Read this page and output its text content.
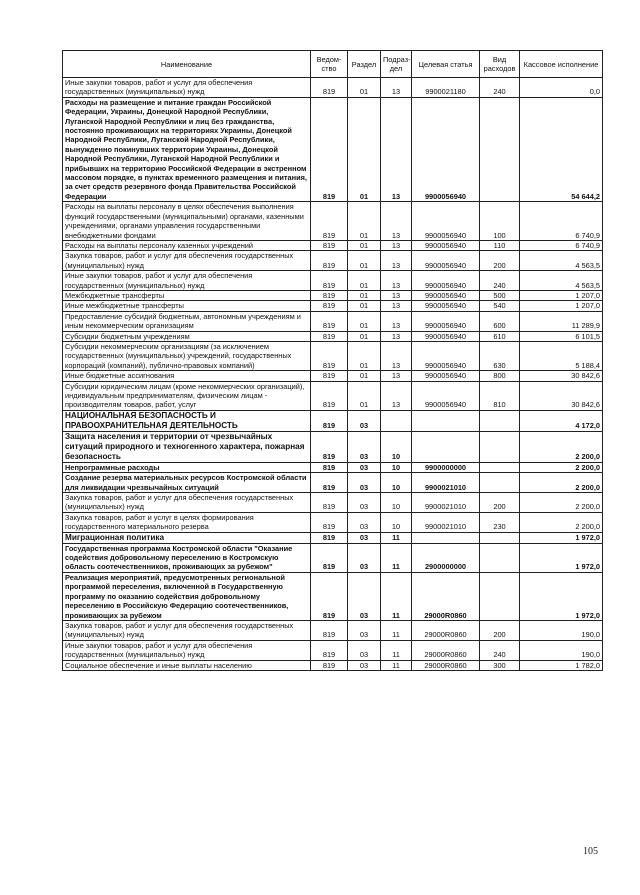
Наименование	Ведом-ство	Раздел	Подраз-дел	Целевая статья	Вид расходов	Кассовое исполнение
Иные закупки товаров, работ и услуг для обеспечения государственных (муниципальных) нужд	819	01	13	9900021180	240	0,0
Расходы на размещение и питание граждан Российской Федерации, Украины, Донецкой Народной Республики, Луганской Народной Республики и лиц без гражданства, постоянно проживающих на территориях Украины, Донецкой Народной Республики, Луганской Народной Республики, вынужденно покинувших территории Украины, Донецкой Народной Республики, Луганской Народной Республики и прибывших на территорию Российской Федерации в экстренном массовом порядке, в пунктах временного размещения и питания, за счет средств резервного фонда Правительства Российской Федерации	819	01	13	9900056940		54 644,2
Расходы на выплаты персоналу в целях обеспечения выполнения функций государственными (муниципальными) органами, казенными учреждениями, органами управления государственными внебюджетными фондами	819	01	13	9900056940	100	6 740,9
Расходы на выплаты персоналу казенных учреждений	819	01	13	9900056940	110	6 740,9
Закупка товаров, работ и услуг для обеспечения государственных (муниципальных) нужд	819	01	13	9900056940	200	4 563,5
Иные закупки товаров, работ и услуг для обеспечения государственных (муниципальных) нужд	819	01	13	9900056940	240	4 563,5
Межбюджетные трансферты	819	01	13	9900056940	500	1 207,0
Иные межбюджетные трансферты	819	01	13	9900056940	540	1 207,0
Предоставление субсидий бюджетным, автономным учреждениям и иным некоммерческим организациям	819	01	13	9900056940	600	11 289,9
Субсидии бюджетным учреждениям	819	01	13	9900056940	610	6 101,5
Субсидии некоммерческим организациям (за исключением государственных (муниципальных) учреждений, государственных корпораций (компаний), публично-правовых компаний)	819	01	13	9900056940	630	5 188,4
Иные бюджетные ассигнования	819	01	13	9900056940	800	30 842,6
Субсидии юридическим лицам (кроме некоммерческих организаций), индивидуальным предпринимателям, физическим лицам - производителям товаров, работ, услуг	819	01	13	9900056940	810	30 842,6
НАЦИОНАЛЬНАЯ БЕЗОПАСНОСТЬ И ПРАВООХРАНИТЕЛЬНАЯ ДЕЯТЕЛЬНОСТЬ	819	03				4 172,0
Защита населения и территории от чрезвычайных ситуаций природного и техногенного характера, пожарная безопасность	819	03	10			2 200,0
Непрограммные расходы	819	03	10	9900000000		2 200,0
Создание резерва материальных ресурсов Костромской области для ликвидации чрезвычайных ситуаций	819	03	10	9900021010		2 200,0
Закупка товаров, работ и услуг для обеспечения государственных (муниципальных) нужд	819	03	10	9900021010	200	2 200,0
Закупка товаров, работ и услуг в целях формирования государственного материального резерва	819	03	10	9900021010	230	2 200,0
Миграционная политика	819	03	11			1 972,0
Государственная программа Костромской области "Оказание содействия добровольному переселению в Костромскую область соотечественников, проживающих за рубежом"	819	03	11	2900000000		1 972,0
Реализация мероприятий, предусмотренных региональной программой переселения, включенной в Государственную программу по оказанию содействия добровольному переселению в Российскую Федерацию соотечественников, проживающих за рубежом	819	03	11	29000R0860		1 972,0
Закупка товаров, работ и услуг для обеспечения государственных (муниципальных) нужд	819	03	11	29000R0860	200	190,0
Иные закупки товаров, работ и услуг для обеспечения государственных (муниципальных) нужд	819	03	11	29000R0860	240	190,0
Социальное обеспечение и иные выплаты населению	819	03	11	29000R0860	300	1 782,0
105
